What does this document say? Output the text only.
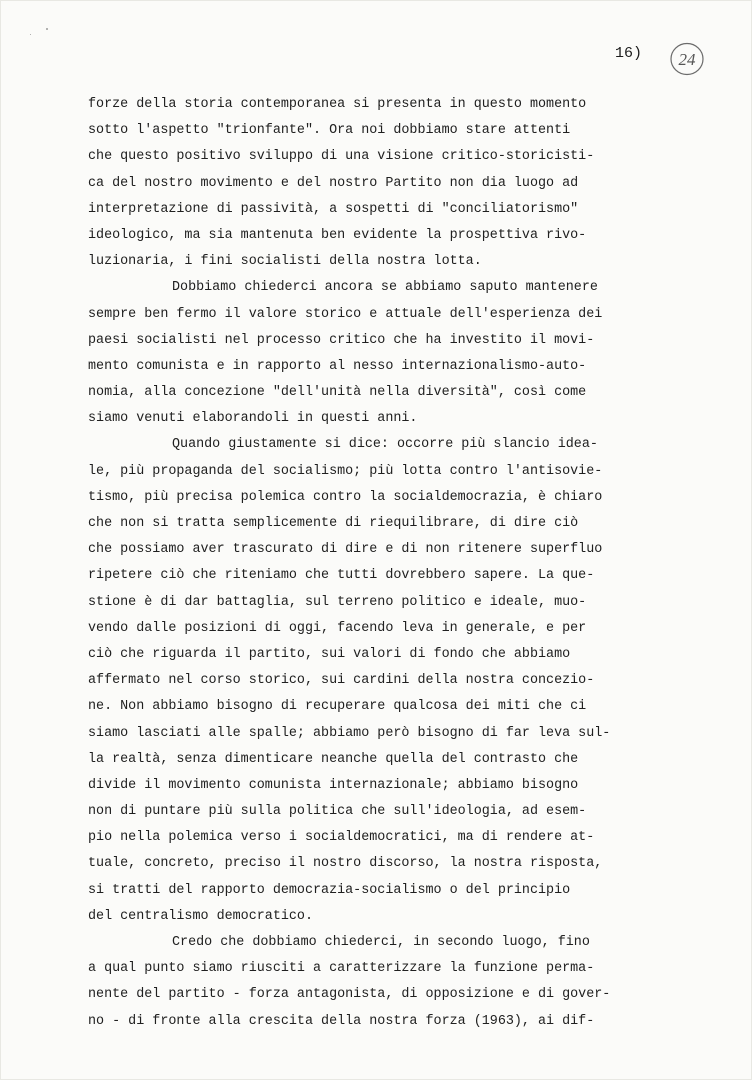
16) 24
forze della storia contemporanea si presenta in questo momento
sotto l'aspetto "trionfante". Ora noi dobbiamo stare attenti
che questo positivo sviluppo di una visione critico-storicisti-
ca del nostro movimento e del nostro Partito non dia luogo ad
interpretazione di passività, a sospetti di "conciliatorismo"
ideologico, ma sia mantenuta ben evidente la prospettiva rivo-
luzionaria, i fini socialisti della nostra lotta.
Dobbiamo chiederci ancora se abbiamo saputo mantenere
sempre ben fermo il valore storico e attuale dell'esperienza dei
paesi socialisti nel processo critico che ha investito il movi-
mento comunista e in rapporto al nesso internazionalismo-auto-
nomia, alla concezione "dell'unità nella diversità", così come
siamo venuti elaborandoli in questi anni.
Quando giustamente si dice: occorre più slancio idea-
le, più propaganda del socialismo; più lotta contro l'antisovie-
tismo, più precisa polemica contro la socialdemocrazia, è chiaro
che non si tratta semplicemente di riequilibrare, di dire ciò
che possiamo aver trascurato di dire e di non ritenere superfluo
ripetere ciò che riteniamo che tutti dovrebbero sapere. La que-
stione è di dar battaglia, sul terreno politico e ideale, muo-
vendo dalle posizioni di oggi, facendo leva in generale, e per
ciò che riguarda il partito, sui valori di fondo che abbiamo
affermato nel corso storico, sui cardini della nostra concezio-
ne. Non abbiamo bisogno di recuperare qualcosa dei miti che ci
siamo lasciati alle spalle; abbiamo però bisogno di far leva sul-
la realtà, senza dimenticare neanche quella del contrasto che
divide il movimento comunista internazionale; abbiamo bisogno
non di puntare più sulla politica che sull'ideologia, ad esem-
pio nella polemica verso i socialdemocratici, ma di rendere at-
tuale, concreto, preciso il nostro discorso, la nostra risposta,
si tratti del rapporto democrazia-socialismo o del principio
del centralismo democratico.
Credo che dobbiamo chiederci, in secondo luogo, fino
a qual punto siamo riusciti a caratterizzare la funzione perma-
nente del partito - forza antagonista, di opposizione e di gover-
no - di fronte alla crescita della nostra forza (1963), ai dif-
